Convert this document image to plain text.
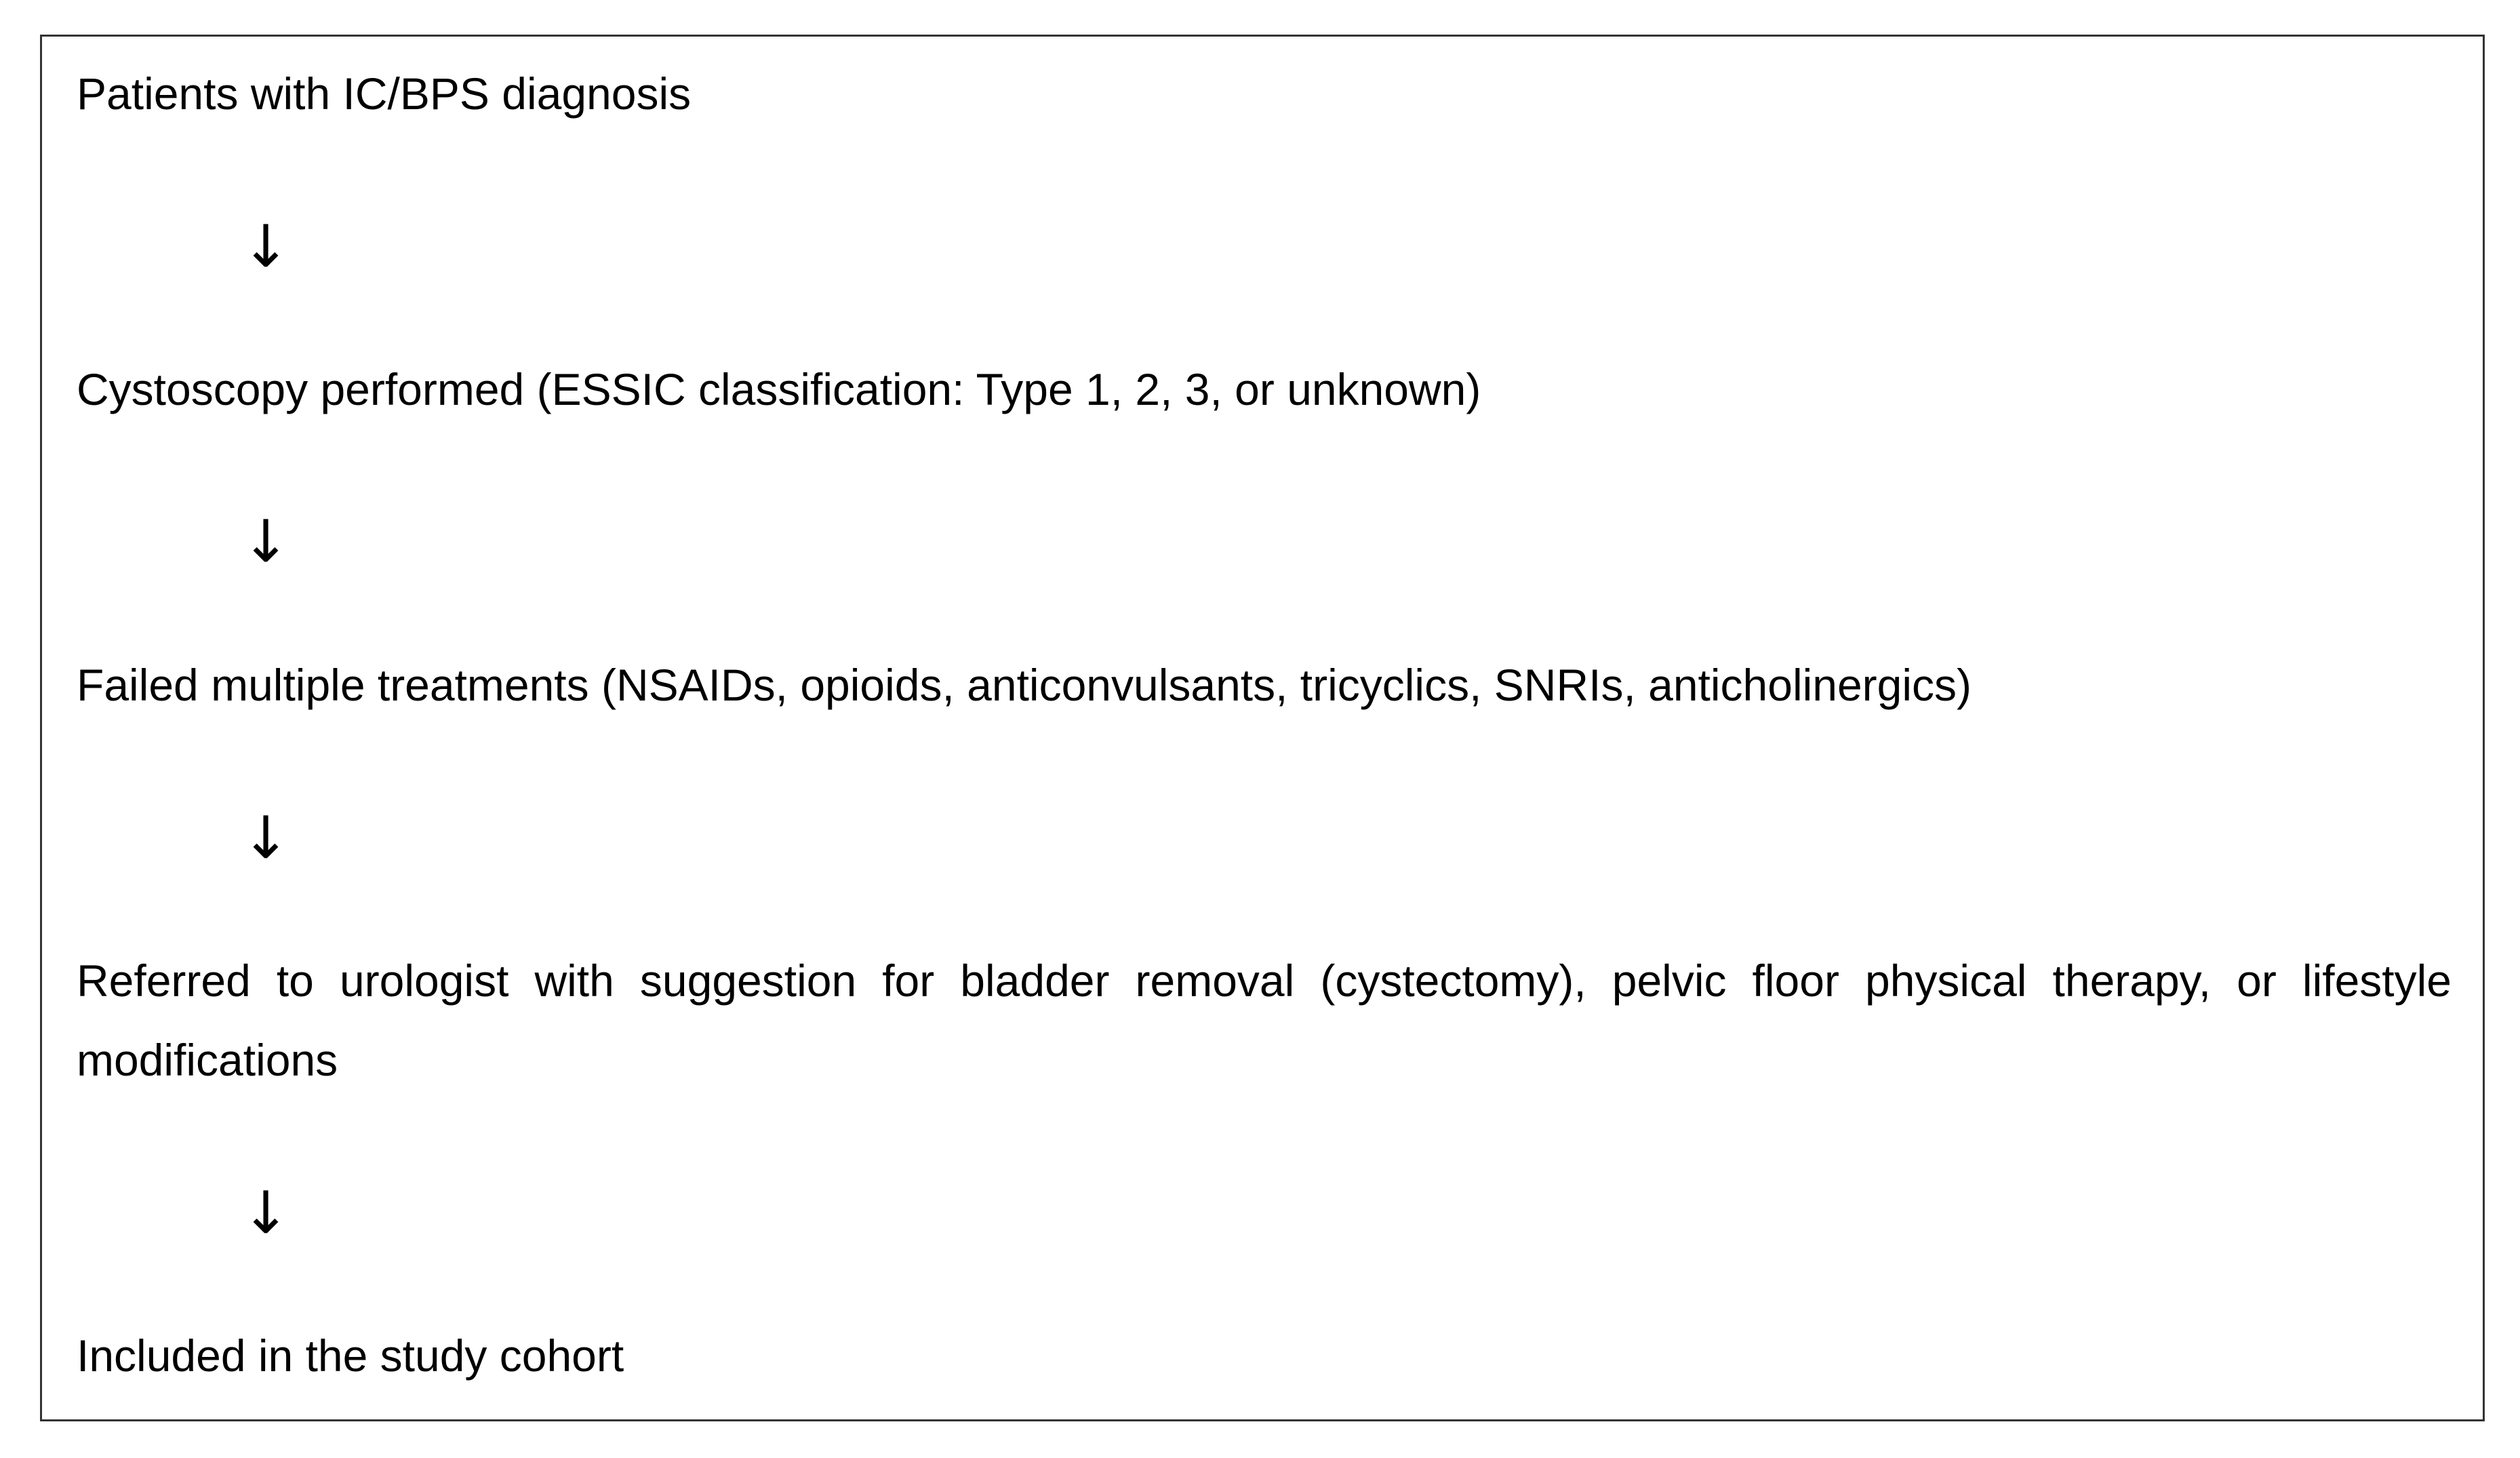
Patients with IC/BPS diagnosis

↓

Cystoscopy performed (ESSIC classification: Type 1, 2, 3, or unknown)

↓

Failed multiple treatments (NSAIDs, opioids, anticonvulsants, tricyclics, SNRIs, anticholinergics)

↓

Referred to urologist with suggestion for bladder removal (cystectomy), pelvic floor physical therapy, or lifestyle modifications

↓

Included in the study cohort
